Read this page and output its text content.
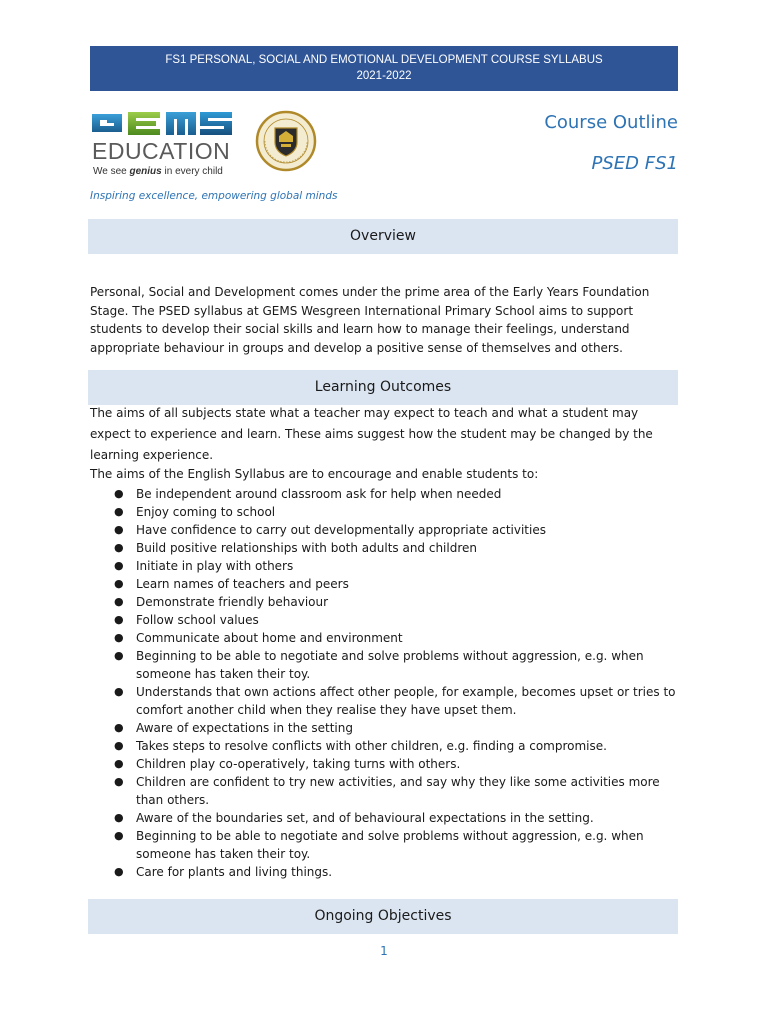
FS1 PERSONAL, SOCIAL AND EMOTIONAL DEVELOPMENT COURSE SYLLABUS
2021-2022
EDUCATION
We see genius in every child
Inspiring excellence, empowering global minds
Course Outline
PSED FS1
Overview
Personal, Social and Development comes under the prime area of the Early Years Foundation Stage. The PSED syllabus at GEMS Wesgreen International Primary School aims to support students to develop their social skills and learn how to manage their feelings, understand appropriate behaviour in groups and develop a positive sense of themselves and others.
Learning Outcomes
The aims of all subjects state what a teacher may expect to teach and what a student may expect to experience and learn. These aims suggest how the student may be changed by the learning experience.
The aims of the English Syllabus are to encourage and enable students to:
● Be independent around classroom ask for help when needed
● Enjoy coming to school
● Have confidence to carry out developmentally appropriate activities
● Build positive relationships with both adults and children
● Initiate in play with others
● Learn names of teachers and peers
● Demonstrate friendly behaviour
● Follow school values
● Communicate about home and environment
● Beginning to be able to negotiate and solve problems without aggression, e.g. when someone has taken their toy.
● Understands that own actions affect other people, for example, becomes upset or tries to comfort another child when they realise they have upset them.
● Aware of expectations in the setting
● Takes steps to resolve conflicts with other children, e.g. finding a compromise.
● Children play co-operatively, taking turns with others.
● Children are confident to try new activities, and say why they like some activities more than others.
● Aware of the boundaries set, and of behavioural expectations in the setting.
● Beginning to be able to negotiate and solve problems without aggression, e.g. when someone has taken their toy.
● Care for plants and living things.
Ongoing Objectives
1
